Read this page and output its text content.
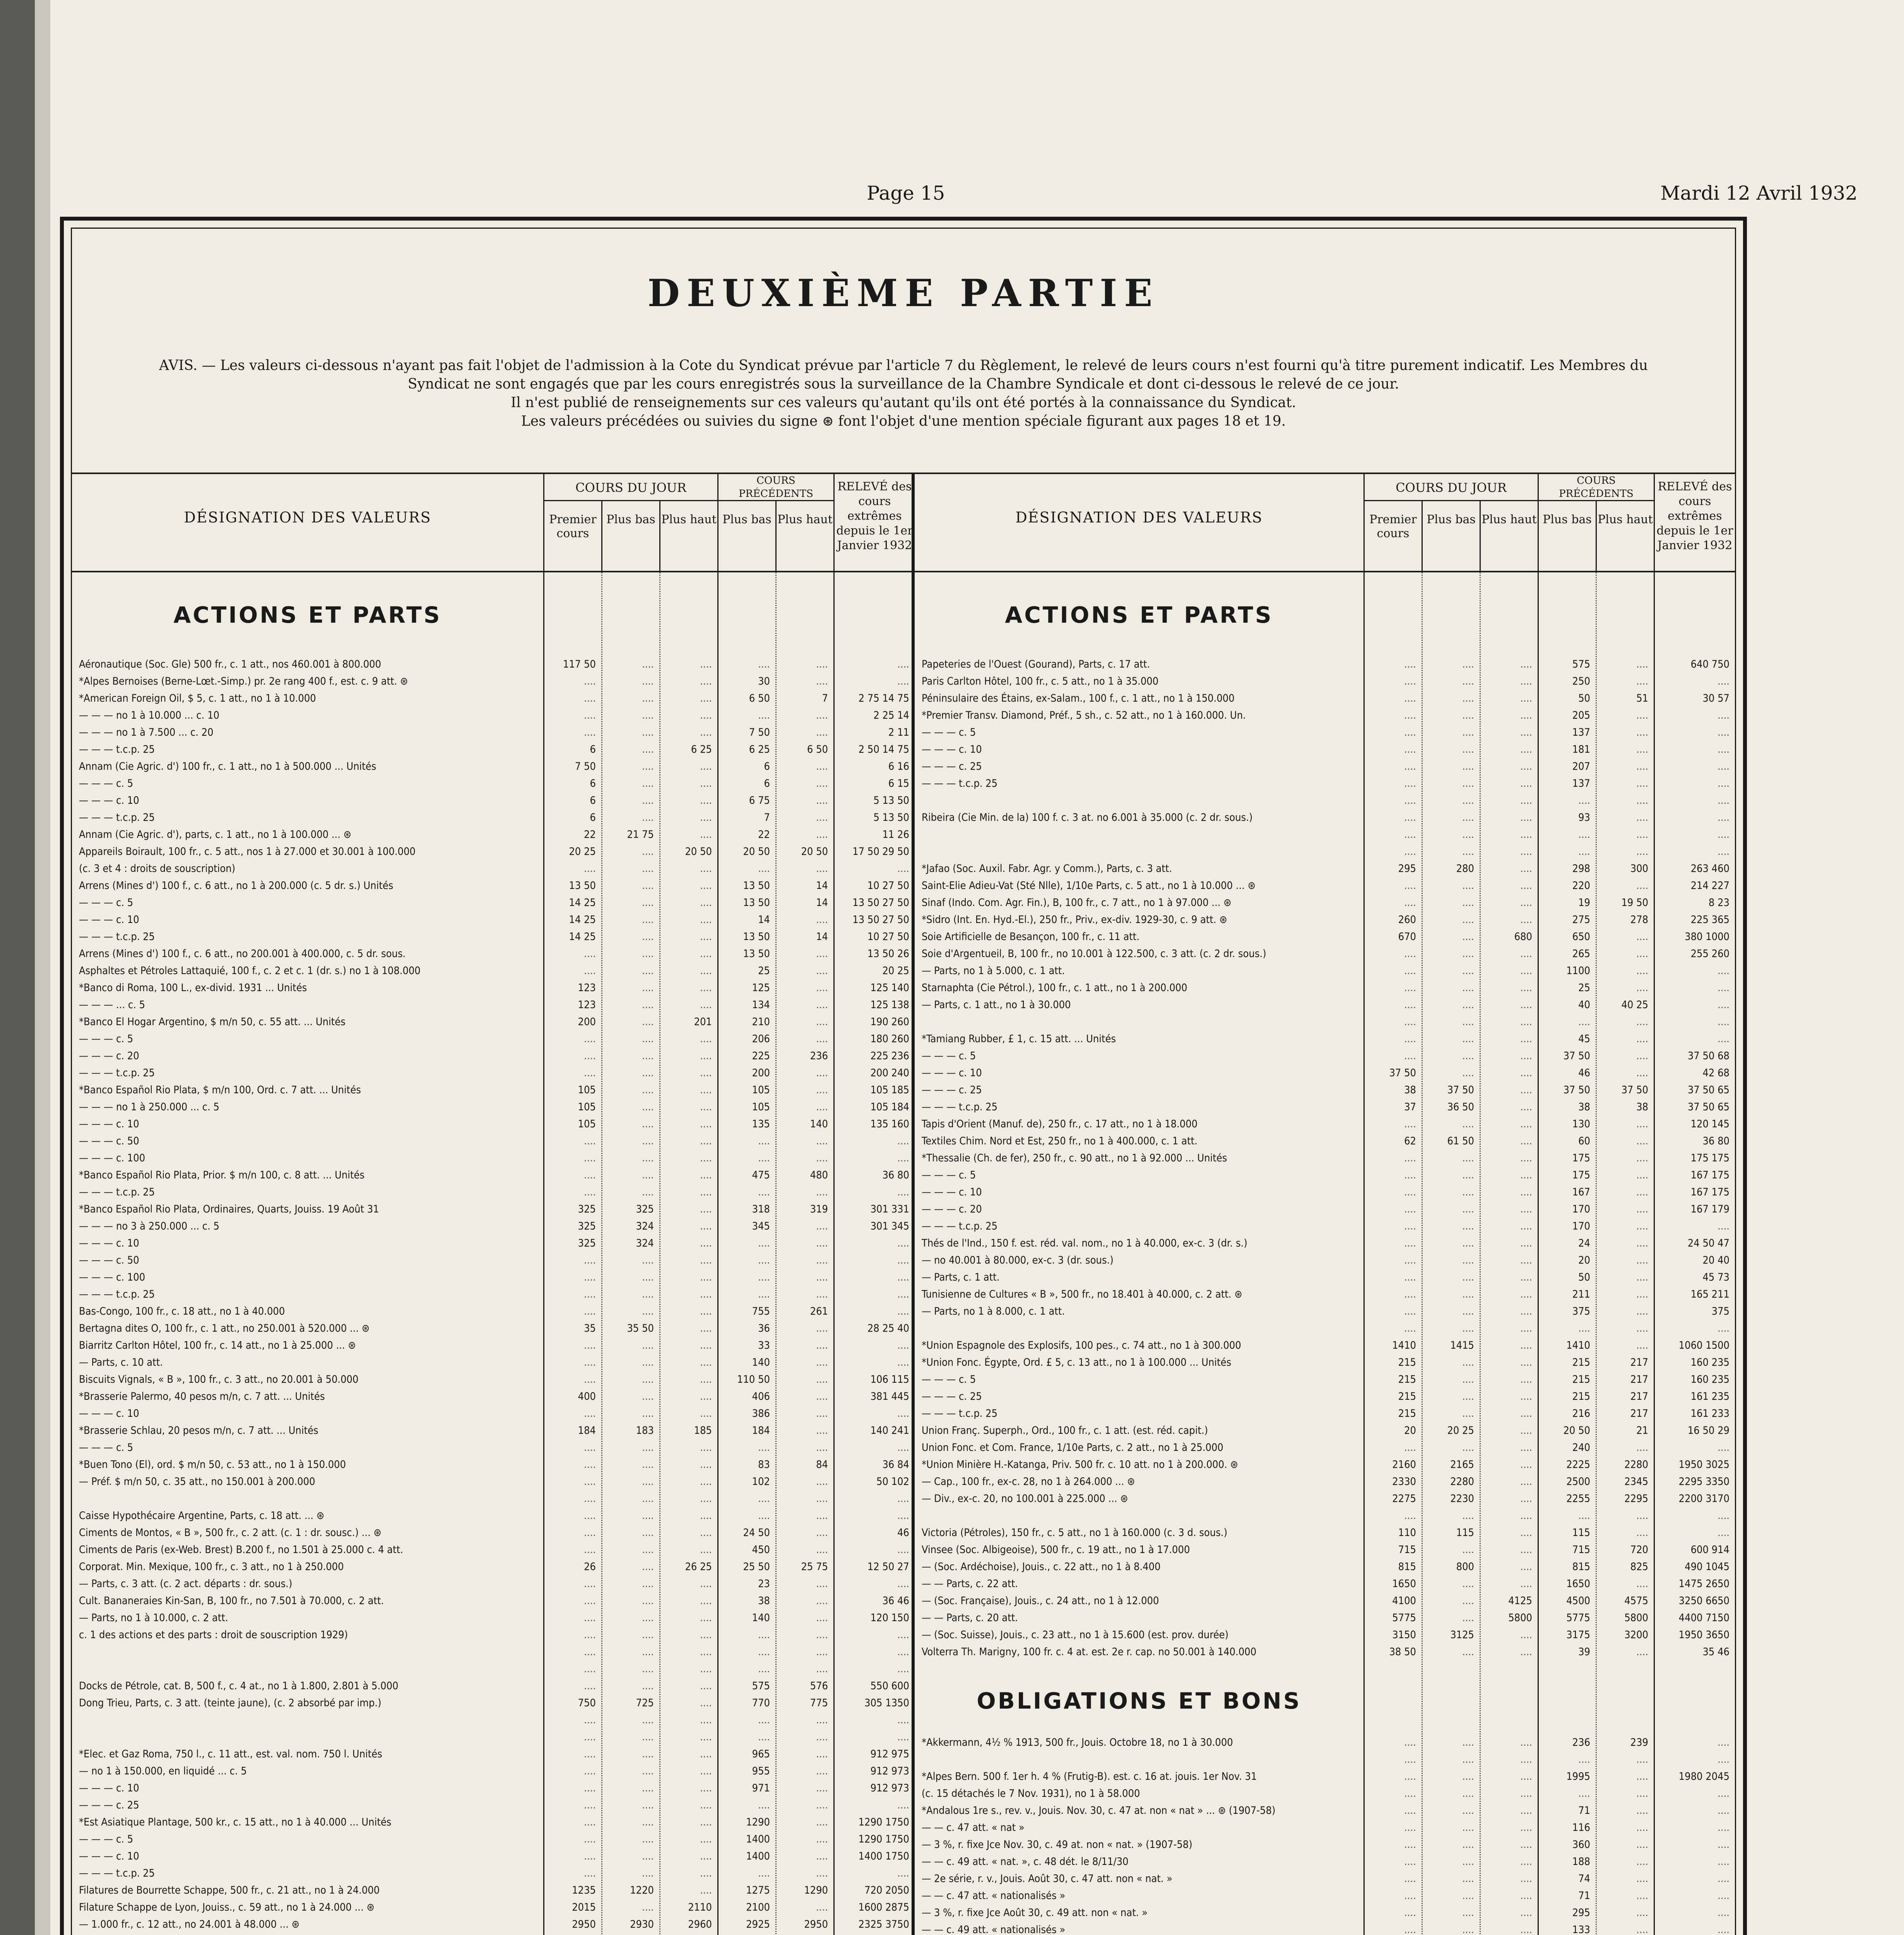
Page 15	Mardi 12 Avril 1932
DEUXIÈME PARTIE
AVIS. — Les valeurs ci-dessous n'ayant pas fait l'objet de l'admission à la Cote du Syndicat prévue par l'article 7 du Règlement, le relevé de leurs cours n'est fourni qu'à titre purement indicatif. Les Membres du
Syndicat ne sont engagés que par les cours enregistrés sous la surveillance de la Chambre Syndicale et dont ci-dessous le relevé de ce jour.
Il n'est publié de renseignements sur ces valeurs qu'autant qu'ils ont été portés à la connaissance du Syndicat.
Les valeurs précédées ou suivies du signe ⊛ font l'objet d'une mention spéciale figurant aux pages 18 et 19.
DÉSIGNATION DES VALEURS
COURS DU JOUR
Premier cours
Plus bas Plus haut
COURS PRÉCÉDENTS
Plus bas Plus haut
RELEVÉ des cours extrêmes depuis le 1er Janvier 1932
ACTIONS ET PARTS
Aéronautique (Soc. Gle) 500 fr., c. 1 att., nos 460.001 à 800.000	117 50	....	....	....	....	....
*Alpes Bernoises (Berne-Lœt.-Simp.) pr. 2e rang 400 f., est. c. 9 att. ⊛	....	....	....	30	....	....
*American Foreign Oil, $ 5, c. 1 att., no 1 à 10.000	....	....	....	6 50	7	2 75 14 75
— — — no 1 à 10.000 ... c. 10	....	....	....	....	....	2 25 14
— — — no 1 à 7.500 ... c. 20	....	....	....	7 50	....	2 11
— — — t.c.p. 25	6	....	6 25	6 25	6 50	2 50 14 75
Annam (Cie Agric. d') 100 fr., c. 1 att., no 1 à 500.000 ... Unités	7 50	....	....	6	....	6 16
— — — c. 5	6	....	....	6	....	6 15
— — — c. 10	6	....	....	6 75	....	5 13 50
— — — t.c.p. 25	6	....	....	7	....	5 13 50
Annam (Cie Agric. d'), parts, c. 1 att., no 1 à 100.000 ... ⊛	22	21 75	....	22	....	11 26
Appareils Boirault, 100 fr., c. 5 att., nos 1 à 27.000 et 30.001 à 100.000	20 25	....	20 50	20 50	20 50	17 50 29 50
(c. 3 et 4 : droits de souscription)	....	....	....	....	....	....
Arrens (Mines d') 100 f., c. 6 att., no 1 à 200.000 (c. 5 dr. s.) Unités	13 50	....	....	13 50	14	10 27 50
— — — c. 5	14 25	....	....	13 50	14	13 50 27 50
— — — c. 10	14 25	....	....	14	....	13 50 27 50
— — — t.c.p. 25	14 25	....	....	13 50	14	10 27 50
Arrens (Mines d') 100 f., c. 6 att., no 200.001 à 400.000, c. 5 dr. sous.	....	....	....	13 50	....	13 50 26
Asphaltes et Pétroles Lattaquié, 100 f., c. 2 et c. 1 (dr. s.) no 1 à 108.000	....	....	....	25	....	20 25
*Banco di Roma, 100 L., ex-divid. 1931 ... Unités	123	....	....	125	....	125 140
— — — ... c. 5	123	....	....	134	....	125 138
*Banco El Hogar Argentino, $ m/n 50, c. 55 att. ... Unités	200	....	201	210	....	190 260
— — — c. 5	....	....	....	206	....	180 260
— — — c. 20	....	....	....	225	236	225 236
— — — t.c.p. 25	....	....	....	200	....	200 240
*Banco Español Rio Plata, $ m/n 100, Ord. c. 7 att. ... Unités	105	....	....	105	....	105 185
— — — no 1 à 250.000 ... c. 5	105	....	....	105	....	105 184
— — — c. 10	105	....	....	135	140	135 160
— — — c. 50	....	....	....	....	....	....
— — — c. 100	....	....	....	....	....	....
*Banco Español Rio Plata, Prior. $ m/n 100, c. 8 att. ... Unités	....	....	....	475	480	36 80
— — — t.c.p. 25	....	....	....	....	....	....
*Banco Español Rio Plata, Ordinaires, Quarts, Jouiss. 19 Août 31	325	325	....	318	319	301 331
— — — no 3 à 250.000 ... c. 5	325	324	....	345	....	301 345
— — — c. 10	325	324	....	....	....	....
— — — c. 50	....	....	....	....	....	....
— — — c. 100	....	....	....	....	....	....
— — — t.c.p. 25	....	....	....	....	....	....
Bas-Congo, 100 fr., c. 18 att., no 1 à 40.000	....	....	....	755	261	....
Bertagna dites O, 100 fr., c. 1 att., no 250.001 à 520.000 ... ⊛	35	35 50	....	36	....	28 25 40
Biarritz Carlton Hôtel, 100 fr., c. 14 att., no 1 à 25.000 ... ⊛	....	....	....	33	....	....
— Parts, c. 10 att.	....	....	....	140	....	....
Biscuits Vignals, « B », 100 fr., c. 3 att., no 20.001 à 50.000	....	....	....	110 50	....	106 115
*Brasserie Palermo, 40 pesos m/n, c. 7 att. ... Unités	400	....	....	406	....	381 445
— — — c. 10	....	....	....	386	....	....
*Brasserie Schlau, 20 pesos m/n, c. 7 att. ... Unités	184	183	185	184	....	140 241
— — — c. 5	....	....	....	....	....	....
*Buen Tono (El), ord. $ m/n 50, c. 53 att., no 1 à 150.000	....	....	....	83	84	36 84
— Préf. $ m/n 50, c. 35 att., no 150.001 à 200.000	....	....	....	102	....	50 102
....	....	....	....	....	....
Caisse Hypothécaire Argentine, Parts, c. 18 att. ... ⊛	....	....	....	....	....	....
Ciments de Montos, « B », 500 fr., c. 2 att. (c. 1 : dr. sousc.) ... ⊛	....	....	....	24 50	....	46
Ciments de Paris (ex-Web. Brest) B.200 f., no 1.501 à 25.000 c. 4 att.	....	....	....	450	....	....
Corporat. Min. Mexique, 100 fr., c. 3 att., no 1 à 250.000	26	....	26 25	25 50	25 75	12 50 27
— Parts, c. 3 att. (c. 2 act. départs : dr. sous.)	....	....	....	23	....	....
Cult. Bananeraies Kin-San, B, 100 fr., no 7.501 à 70.000, c. 2 att.	....	....	....	38	....	36 46
— Parts, no 1 à 10.000, c. 2 att.	....	....	....	140	....	120 150
c. 1 des actions et des parts : droit de souscription 1929)	....	....	....	....	....	....
....	....	....	....	....	....
....	....	....	....	....	....
Docks de Pétrole, cat. B, 500 f., c. 4 at., no 1 à 1.800, 2.801 à 5.000	....	....	....	575	576	550 600
Dong Trieu, Parts, c. 3 att. (teinte jaune), (c. 2 absorbé par imp.)	750	725	....	770	775	305 1350
....	....	....	....	....	....
....	....	....	....	....	....
*Elec. et Gaz Roma, 750 l., c. 11 att., est. val. nom. 750 l. Unités	....	....	....	965	....	912 975
— no 1 à 150.000, en liquidé ... c. 5	....	....	....	955	....	912 973
— — — c. 10	....	....	....	971	....	912 973
— — — c. 25	....	....	....	....	....	....
*Est Asiatique Plantage, 500 kr., c. 15 att., no 1 à 40.000 ... Unités	....	....	....	1290	....	1290 1750
— — — c. 5	....	....	....	1400	....	1290 1750
— — — c. 10	....	....	....	1400	....	1400 1750
— — — t.c.p. 25	....	....	....	....	....	....
Filatures de Bourrette Schappe, 500 fr., c. 21 att., no 1 à 24.000	1235	1220	....	1275	1290	720 2050
Filature Schappe de Lyon, Jouiss., c. 59 att., no 1 à 24.000 ... ⊛	2015	....	2110	2100	....	1600 2875
— 1.000 fr., c. 12 att., no 24.001 à 48.000 ... ⊛	2950	2930	2960	2925	2950	2325 3750
DÉSIGNATION DES VALEURS
COURS DU JOUR
Premier cours
Plus bas Plus haut
COURS PRÉCÉDENTS
Plus bas Plus haut
RELEVÉ des cours extrêmes depuis le 1er Janvier 1932
ACTIONS ET PARTS
Papeteries de l'Ouest (Gourand), Parts, c. 17 att.	....	....	....	575	....	640 750
Paris Carlton Hôtel, 100 fr., c. 5 att., no 1 à 35.000	....	....	....	250	....	....
Péninsulaire des Étains, ex-Salam., 100 f., c. 1 att., no 1 à 150.000	....	....	....	50	51	30 57
*Premier Transv. Diamond, Préf., 5 sh., c. 52 att., no 1 à 160.000. Un.	....	....	....	205	....	....
— — — c. 5	....	....	....	137	....	....
— — — c. 10	....	....	....	181	....	....
— — — c. 25	....	....	....	207	....	....
— — — t.c.p. 25	....	....	....	137	....	....
....	....	....	....	....	....
Ribeira (Cie Min. de la) 100 f. c. 3 at. no 6.001 à 35.000 (c. 2 dr. sous.)	....	....	....	93	....	....
....	....	....	....	....	....
....	....	....	....	....	....
*Jafao (Soc. Auxil. Fabr. Agr. y Comm.), Parts, c. 3 att.	295	280	....	298	300	263 460
Saint-Elie Adieu-Vat (Sté Nlle), 1/10e Parts, c. 5 att., no 1 à 10.000 ... ⊛	....	....	....	220	....	214 227
Sinaf (Indo. Com. Agr. Fin.), B, 100 fr., c. 7 att., no 1 à 97.000 ... ⊛	....	....	....	19	19 50	8 23
*Sidro (Int. En. Hyd.-El.), 250 fr., Priv., ex-div. 1929-30, c. 9 att. ⊛	260	....	....	275	278	225 365
Soie Artificielle de Besançon, 100 fr., c. 11 att.	670	....	680	650	....	380 1000
Soie d'Argentueil, B, 100 fr., no 10.001 à 122.500, c. 3 att. (c. 2 dr. sous.)	....	....	....	265	....	255 260
— Parts, no 1 à 5.000, c. 1 att.	....	....	....	1100	....	....
Starnaphta (Cie Pétrol.), 100 fr., c. 1 att., no 1 à 200.000	....	....	....	25	....	....
— Parts, c. 1 att., no 1 à 30.000	....	....	....	40	40 25	....
....	....	....	....	....	....
*Tamiang Rubber, £ 1, c. 15 att. ... Unités	....	....	....	45	....	....
— — — c. 5	....	....	....	37 50	....	37 50 68
— — — c. 10	37 50	....	....	46	....	42 68
— — — c. 25	38	37 50	....	37 50	37 50	37 50 65
— — — t.c.p. 25	37	36 50	....	38	38	37 50 65
Tapis d'Orient (Manuf. de), 250 fr., c. 17 att., no 1 à 18.000	....	....	....	130	....	120 145
Textiles Chim. Nord et Est, 250 fr., no 1 à 400.000, c. 1 att.	62	61 50	....	60	....	36 80
*Thessalie (Ch. de fer), 250 fr., c. 90 att., no 1 à 92.000 ... Unités	....	....	....	175	....	175 175
— — — c. 5	....	....	....	175	....	167 175
— — — c. 10	....	....	....	167	....	167 175
— — — c. 20	....	....	....	170	....	167 179
— — — t.c.p. 25	....	....	....	170	....	....
Thés de l'Ind., 150 f. est. réd. val. nom., no 1 à 40.000, ex-c. 3 (dr. s.)	....	....	....	24	....	24 50 47
— no 40.001 à 80.000, ex-c. 3 (dr. sous.)	....	....	....	20	....	20 40
— Parts, c. 1 att.	....	....	....	50	....	45 73
Tunisienne de Cultures « B », 500 fr., no 18.401 à 40.000, c. 2 att. ⊛	....	....	....	211	....	165 211
— Parts, no 1 à 8.000, c. 1 att.	....	....	....	375	....	375
....	....	....	....	....	....
*Union Espagnole des Explosifs, 100 pes., c. 74 att., no 1 à 300.000	1410	1415	....	1410	....	1060 1500
*Union Fonc. Égypte, Ord. £ 5, c. 13 att., no 1 à 100.000 ... Unités	215	....	....	215	217	160 235
— — — c. 5	215	....	....	215	217	160 235
— — — c. 25	215	....	....	215	217	161 235
— — — t.c.p. 25	215	....	....	216	217	161 233
Union Franç. Superph., Ord., 100 fr., c. 1 att. (est. réd. capit.)	20	20 25	....	20 50	21	16 50 29
Union Fonc. et Com. France, 1/10e Parts, c. 2 att., no 1 à 25.000	....	....	....	240	....	....
*Union Minière H.-Katanga, Priv. 500 fr. c. 10 att. no 1 à 200.000. ⊛	2160	2165	....	2225	2280	1950 3025
— Cap., 100 fr., ex-c. 28, no 1 à 264.000 ... ⊛	2330	2280	....	2500	2345	2295 3350
— Div., ex-c. 20, no 100.001 à 225.000 ... ⊛	2275	2230	....	2255	2295	2200 3170
....	....	....	....	....	....
Victoria (Pétroles), 150 fr., c. 5 att., no 1 à 160.000 (c. 3 d. sous.)	110	115	....	115	....	....
Vinsee (Soc. Albigeoise), 500 fr., c. 19 att., no 1 à 17.000	715	....	....	715	720	600 914
— (Soc. Ardéchoise), Jouis., c. 22 att., no 1 à 8.400	815	800	....	815	825	490 1045
— — Parts, c. 22 att.	1650	....	....	1650	....	1475 2650
— (Soc. Française), Jouis., c. 24 att., no 1 à 12.000	4100	....	4125	4500	4575	3250 6650
— — Parts, c. 20 att.	5775	....	5800	5775	5800	4400 7150
— (Soc. Suisse), Jouis., c. 23 att., no 1 à 15.600 (est. prov. durée)	3150	3125	....	3175	3200	1950 3650
Volterra Th. Marigny, 100 fr. c. 4 at. est. 2e r. cap. no 50.001 à 140.000	38 50	....	....	39	....	35 46
OBLIGATIONS ET BONS
*Akkermann, 4½ % 1913, 500 fr., Jouis. Octobre 18, no 1 à 30.000	....	....	....	236	239	....
....	....	....	....	....	....
*Alpes Bern. 500 f. 1er h. 4 % (Frutig-B). est. c. 16 at. jouis. 1er Nov. 31	....	....	....	1995	....	1980 2045
(c. 15 détachés le 7 Nov. 1931), no 1 à 58.000	....	....	....	....	....	....
*Andalous 1re s., rev. v., Jouis. Nov. 30, c. 47 at. non « nat » ... ⊛ (1907-58)	....	....	....	71	....	....
— — c. 47 att. « nat »	....	....	....	116	....	....
— 3 %, r. fixe Jce Nov. 30, c. 49 at. non « nat. » (1907-58)	....	....	....	360	....	....
— — c. 49 att. « nat. », c. 48 dét. le 8/11/30	....	....	....	188	....	....
— 2e série, r. v., Jouis. Août 30, c. 47 att. non « nat. »	....	....	....	74	....	....
— — c. 47 att. « nationalisés »	....	....	....	71	....	....
— 3 %, r. fixe Jce Août 30, c. 49 att. non « nat. »	....	....	....	295	....	....
— — c. 49 att. « nationalisés »	....	....	....	133	....	....
